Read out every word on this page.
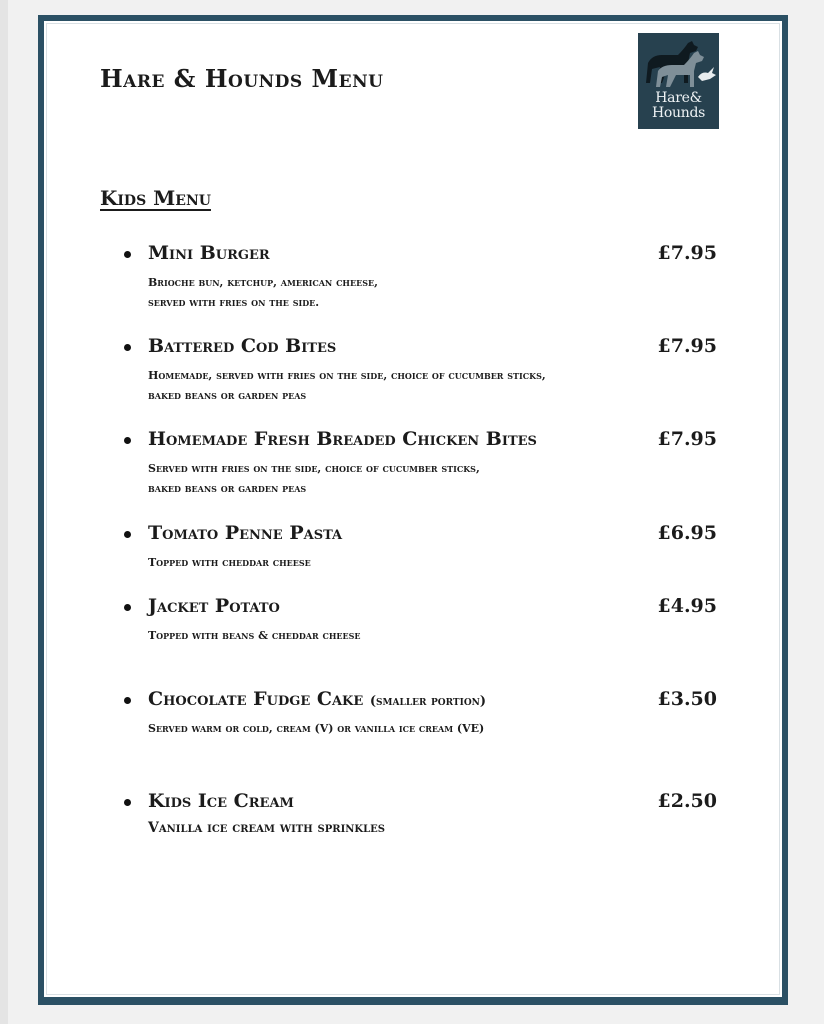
Hare & Hounds Menu
Hare&
Hounds
Kids Menu
Mini Burger	£7.95
Brioche bun, ketchup, american cheese,
served with fries on the side.
Battered Cod Bites	£7.95
Homemade, served with fries on the side, choice of cucumber sticks,
baked beans or garden peas
Homemade Fresh Breaded Chicken Bites	£7.95
Served with fries on the side, choice of cucumber sticks,
baked beans or garden peas
Tomato Penne Pasta	£6.95
Topped with cheddar cheese
Jacket Potato	£4.95
Topped with beans & cheddar cheese
Chocolate Fudge Cake (smaller portion)	£3.50
Served warm or cold, cream (V) or vanilla ice cream (VE)
Kids Ice Cream	£2.50
Vanilla ice cream with sprinkles
